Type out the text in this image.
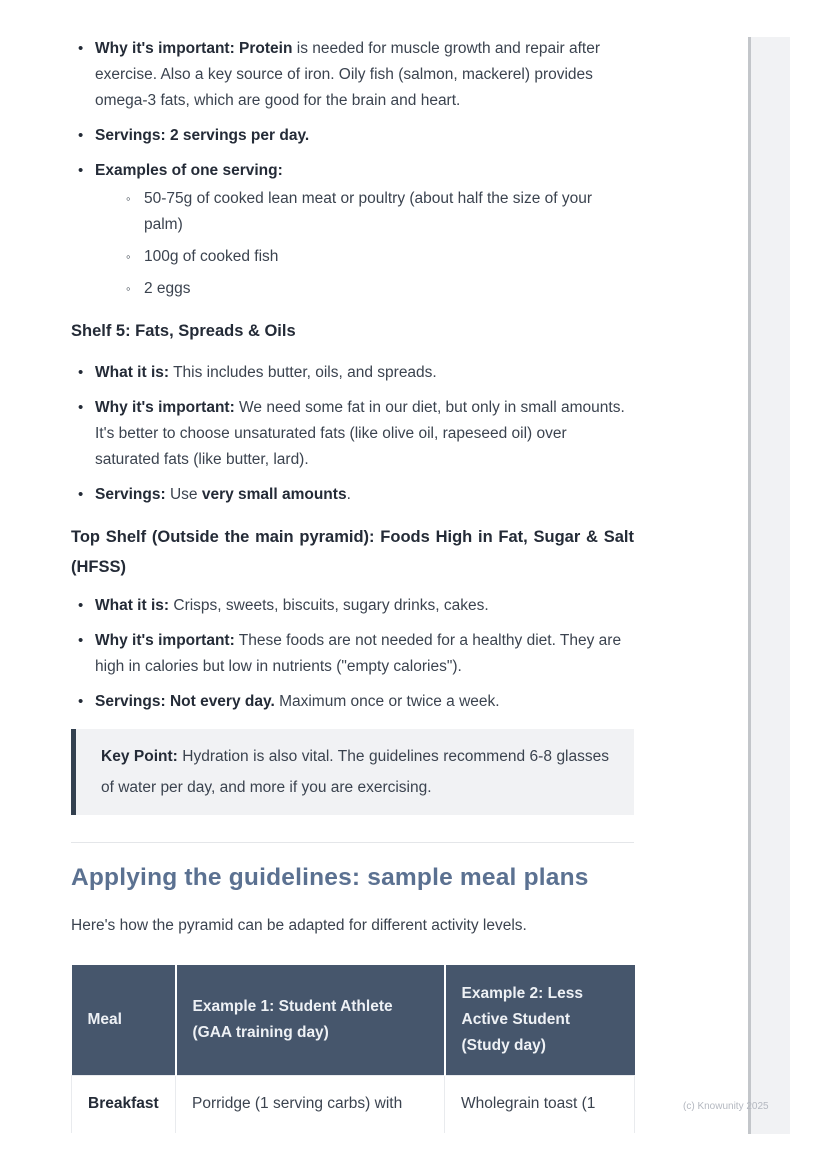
• Why it's important: Protein is needed for muscle growth and repair after exercise. Also a key source of iron. Oily fish (salmon, mackerel) provides omega-3 fats, which are good for the brain and heart.
• Servings: 2 servings per day.
• Examples of one serving:
◦ 50-75g of cooked lean meat or poultry (about half the size of your palm)
◦ 100g of cooked fish
◦ 2 eggs
Shelf 5: Fats, Spreads & Oils
• What it is: This includes butter, oils, and spreads.
• Why it's important: We need some fat in our diet, but only in small amounts. It's better to choose unsaturated fats (like olive oil, rapeseed oil) over saturated fats (like butter, lard).
• Servings: Use very small amounts.
Top Shelf (Outside the main pyramid): Foods High in Fat, Sugar & Salt (HFSS)
• What it is: Crisps, sweets, biscuits, sugary drinks, cakes.
• Why it's important: These foods are not needed for a healthy diet. They are high in calories but low in nutrients ("empty calories").
• Servings: Not every day. Maximum once or twice a week.
Key Point: Hydration is also vital. The guidelines recommend 6-8 glasses of water per day, and more if you are exercising.
Applying the guidelines: sample meal plans

Here's how the pyramid can be adapted for different activity levels.

Meal	Example 1: Student Athlete (GAA training day)	Example 2: Less Active Student (Study day)
Breakfast	Porridge (1 serving carbs) with	Wholegrain toast (1	(c) Knowunity 2025
